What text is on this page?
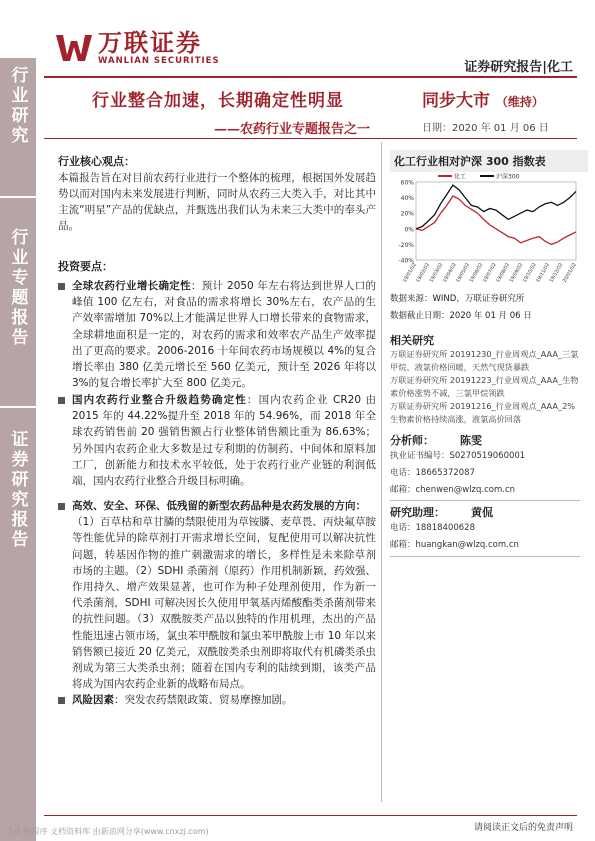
行业研究
行业专题报告
证券研究报告
万联证券
WANLIAN SECURITIES	证券研究报告|化工
行业整合加速，长期确定性明显
——农药行业专题报告之一
同步大市 （维持）
日期：2020 年 01 月 06 日
行业核心观点：
本篇报告旨在对目前农药行业进行一个整体的梳理，根据国外发展趋势以而对国内未来发展进行判断，同时从农药三大类入手，对比其中主流“明星”产品的优缺点，并甄选出我们认为未来三大类中的奉头产品。
投资要点：
全球农药行业增长确定性：预计 2050 年左右将达到世界人口的峰值 100 亿左右，对食品的需求将增长 30%左右，农产品的生产效率需增加 70%以上才能满足世界人口增长带来的食物需求，全球耕地面积是一定的，对农药的需求和效率农产品生产效率提出了更高的要求。2006-2016 十年间农药市场规模以 4%的复合增长率由 380 亿美元增长至 560 亿美元，预计至 2026 年将以 3%的复合增长率扩大至 800 亿美元。
国内农药行业整合升级趋势确定性：国内农药企业 CR20 由 2015 年的 44.22%提升至 2018 年的 54.96%，而 2018 年全球农药销售前 20 强销售额占行业整体销售额比重为 86.63%；另外国内农药企业大多数是过专利期的仿制药、中间体和原料加工厂，创新能力和技术水平较低，处于农药行业产业链的利润低端，国内农药行业整合升级目标明确。
高效、安全、环保、低残留的新型农药品种是农药发展的方向：
（1）百草枯和草甘膦的禁限使用为草铵膦、麦草畏、丙炔氟草胺等性能优异的除草剂打开需求增长空间，复配使用可以解决抗性问题，转基因作物的推广刺激需求的增长，多样性是未来除草剂市场的主题。（2）SDHI 杀菌剂（原药）作用机制新颖，药效强、作用持久、增产效果显著，也可作为种子处理剂使用，作为新一代杀菌剂，SDHI 可解决因长久使用甲氧基丙烯酸酯类杀菌剂带来的抗性问题。（3）双酰胺类产品以独特的作用机理，杰出的产品性能迅速占领市场，氯虫苯甲酰胺和氯虫苯甲酰胺上市 10 年以来销售额已接近 20 亿美元，双酰胺类杀虫剂即将取代有机磷类杀虫剂成为第三大类杀虫剂；随着在国内专利的陆续到期，该类产品将成为国内农药企业新的战略布局点。
风险因素：突发农药禁限政策、贸易摩擦加剧。
化工行业相对沪深 300 指数表
60%
40%
20%
0%
-20%
-40%
19/01/02
19/02/02
19/03/02
19/04/02
19/05/02
19/06/02
19/07/02
19/08/02
19/09/02
19/10/02
19/11/02
19/12/02
20/01/02
化工	沪深300
数据来源：WIND，万联证券研究所
数据截止日期：2020 年 01 月 06 日
相关研究
万联证券研究所 20191230_行业周观点_AAA_三氯甲烷、液氯价格回暖，天然气现货暴跌
万联证券研究所 20191223_行业周观点_AAA_生物素价格涨势不减，三氯甲烷领跌
万联证券研究所 20191216_行业周观点_AAA_2%生物素价格持续高涨，液氯高价回落
分析师： 陈雯
执业证书编号：S0270519060001
电话：18665372087
邮箱：chenwen@wlzq.com.cn
研究助理： 黄侃
电话：18818400628
邮箱：huangkan@wlzq.com.cn
请阅读正文后的免责声明
1-1 纯程序 文档资料库 由新浪网分享(www.cnxzj.com)
